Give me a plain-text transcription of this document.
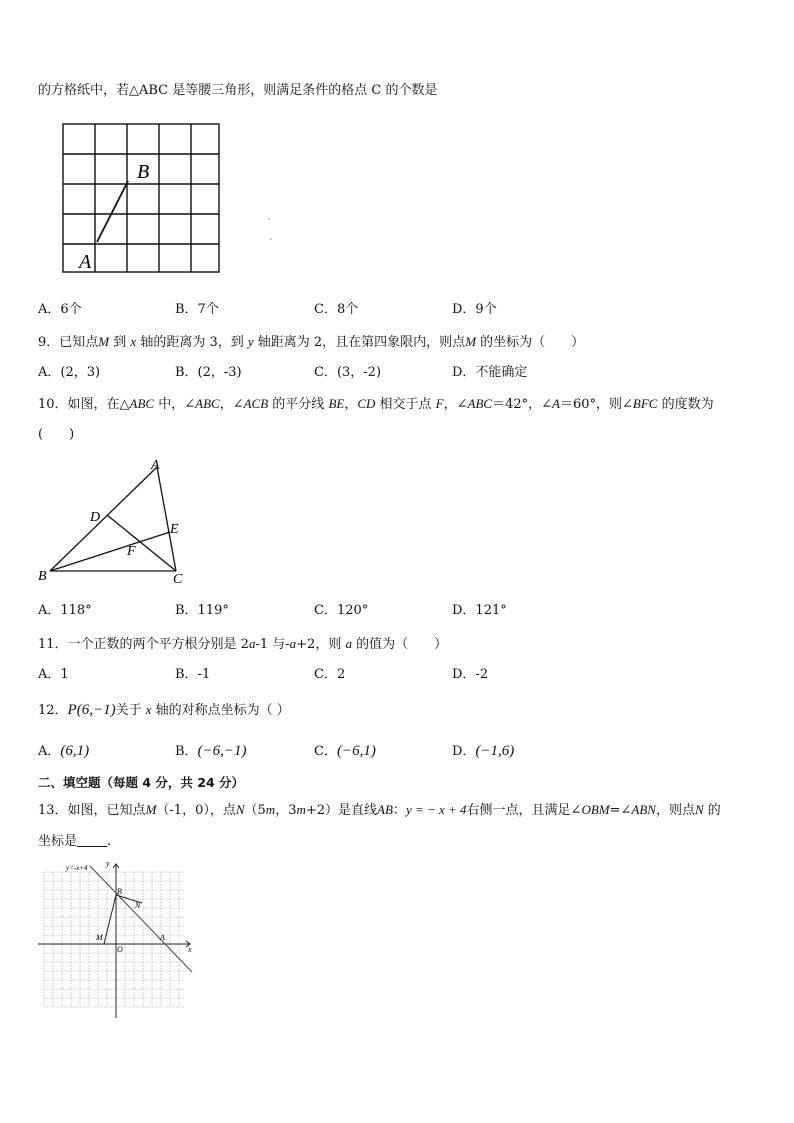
的方格纸中，若△ABC 是等腰三角形，则满足条件的格点 C 的个数是
B
A
A．6个	B．7个	C．8个	D．9个
9．已知点M 到 x 轴的距离为 3，到 y 轴距离为 2，且在第四象限内，则点M 的坐标为（　　）
A．(2，3)	B．(2，-3)	C．(3，-2)	D．不能确定
10．如图，在△ABC 中，∠ABC，∠ACB 的平分线 BE，CD 相交于点 F，∠ABC＝42°，∠A＝60°，则∠BFC 的度数为
(　　)
A
B	C
D
E
F
A．118°	B．119°	C．120°	D．121°
11．一个正数的两个平方根分别是 2a-1 与-a+2，则 a 的值为（　　）
A．1	B．-1	C．2	D．-2
12．P(6,−1)关于 x 轴的对称点坐标为（ ）
A．(6,1)	B．(−6,−1)	C．(−6,1)	D．(−1,6)
二、填空题（每题 4 分，共 24 分）
13．如图，已知点M（-1，0），点N（5m，3m+2）是直线AB：y = − x + 4右侧一点，且满足∠OBM=∠ABN，则点N 的
坐标是 .
y=-x+4 y
x
B
N
M
O
A
